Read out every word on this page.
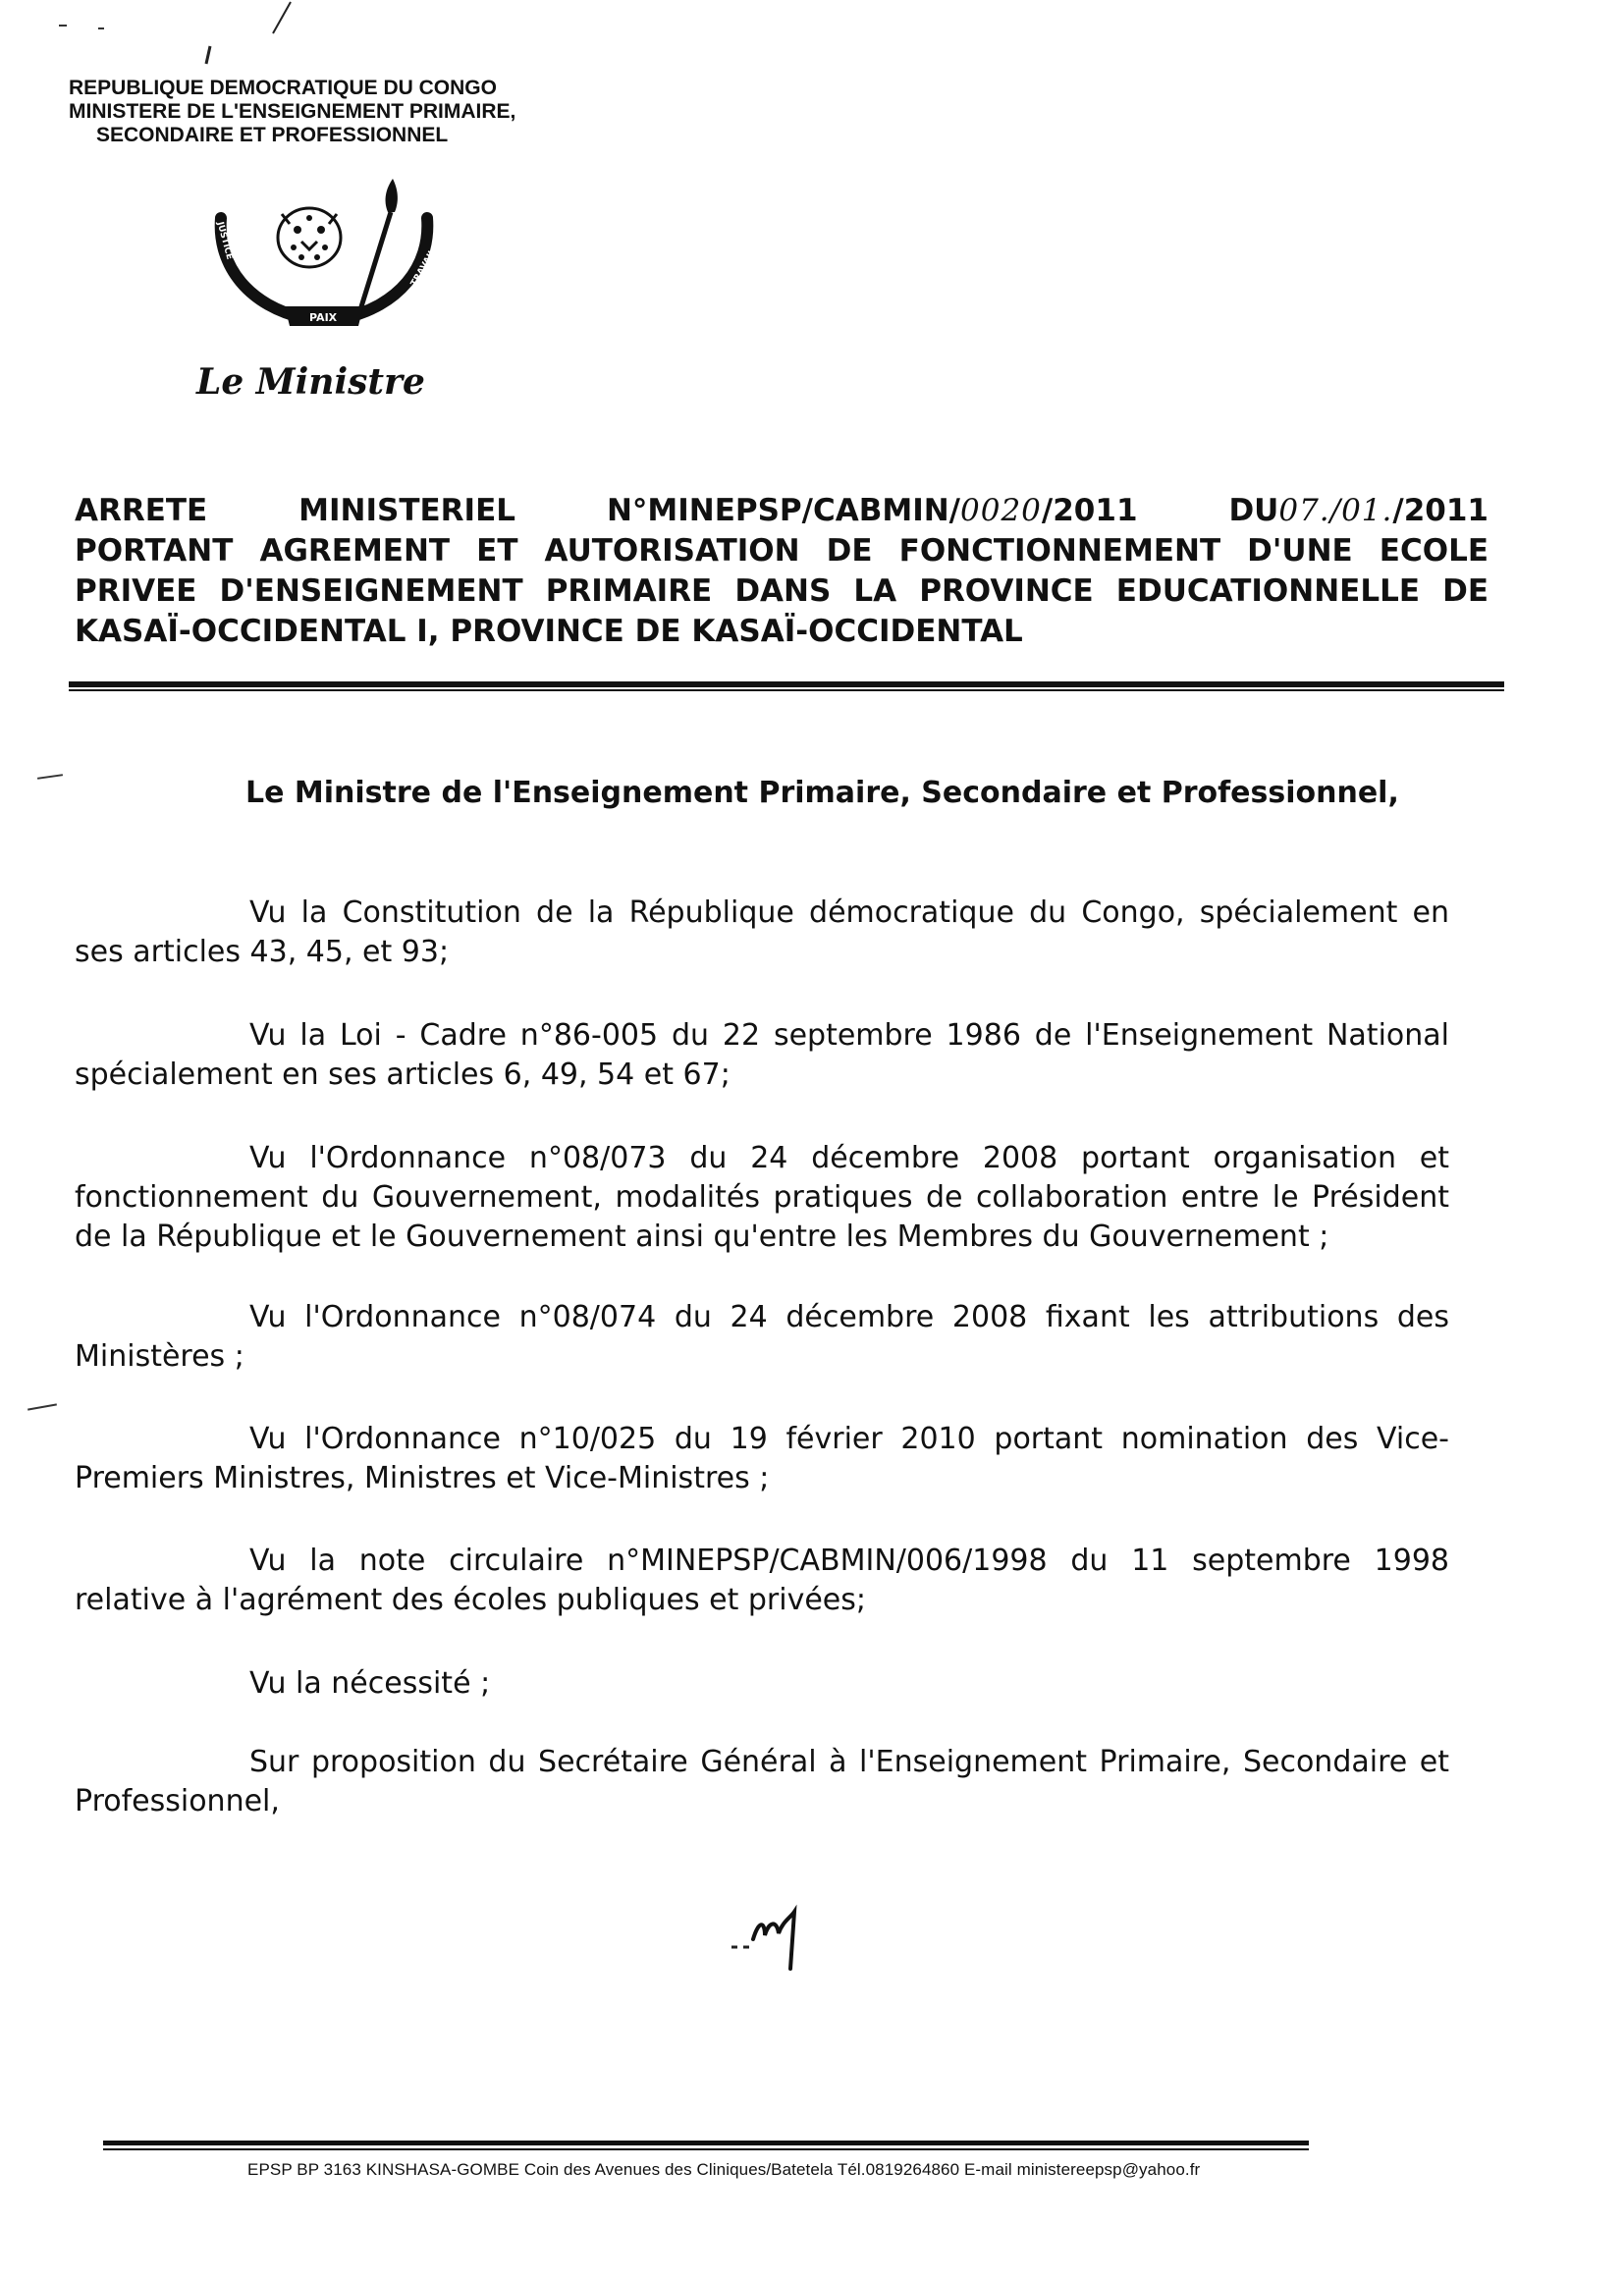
REPUBLIQUE DEMOCRATIQUE DU CONGO
MINISTERE DE L'ENSEIGNEMENT PRIMAIRE,
SECONDAIRE ET PROFESSIONNEL
JUSTICE
PAIX
TRAVAIL
Le Ministre
ARRETE	MINISTERIEL	N°MINEPSP/CABMIN/0020/2011	DU07./01./2011
PORTANT AGREMENT ET AUTORISATION DE FONCTIONNEMENT D'UNE ECOLE
PRIVEE D'ENSEIGNEMENT PRIMAIRE DANS LA PROVINCE EDUCATIONNELLE DE
KASAÏ-OCCIDENTAL I, PROVINCE DE KASAÏ-OCCIDENTAL
Le Ministre de l'Enseignement Primaire, Secondaire et Professionnel,
Vu la Constitution de la République démocratique du Congo, spécialement en ses articles 43, 45, et 93;
Vu la Loi - Cadre n°86-005 du 22 septembre 1986 de l'Enseignement National spécialement en ses articles 6, 49, 54 et 67;
Vu l'Ordonnance n°08/073 du 24 décembre 2008 portant organisation et fonctionnement du Gouvernement, modalités pratiques de collaboration entre le Président de la République et le Gouvernement ainsi qu'entre les Membres du Gouvernement ;
Vu l'Ordonnance n°08/074 du 24 décembre 2008 fixant les attributions des Ministères ;
Vu l'Ordonnance n°10/025 du 19 février 2010 portant nomination des Vice-Premiers Ministres, Ministres et Vice-Ministres ;
Vu la note circulaire n°MINEPSP/CABMIN/006/1998 du 11 septembre 1998 relative à l'agrément des écoles publiques et privées;
Vu la nécessité ;
Sur proposition du Secrétaire Général à l'Enseignement Primaire, Secondaire et Professionnel,
EPSP BP 3163 KINSHASA-GOMBE Coin des Avenues des Cliniques/Batetela Tél.0819264860 E-mail ministereepsp@yahoo.fr
